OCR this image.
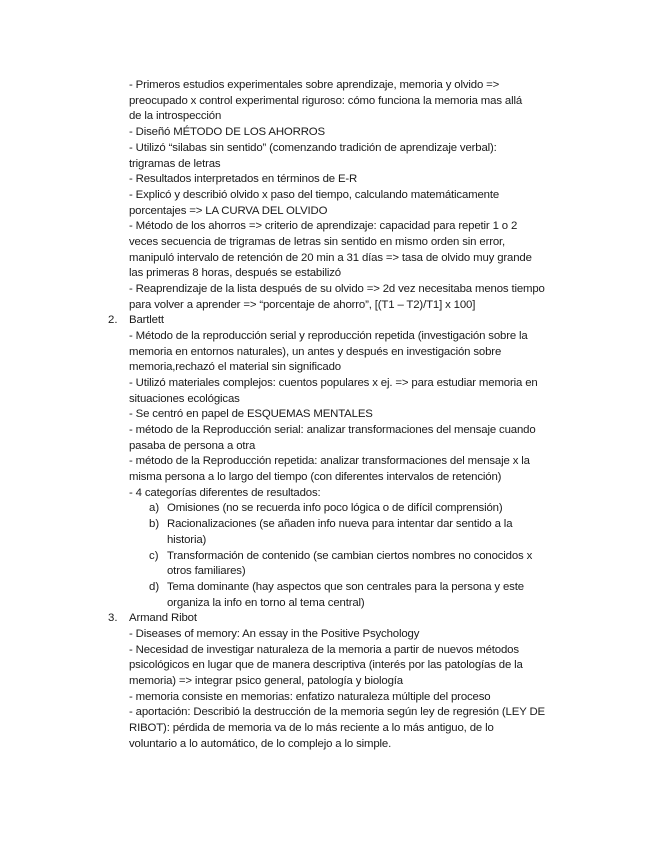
- Primeros estudios experimentales sobre aprendizaje, memoria y olvido =>
preocupado x control experimental riguroso: cómo funciona la memoria mas allá
de la introspección
- Diseñó MÉTODO DE LOS AHORROS
- Utilizó “silabas sin sentido” (comenzando tradición de aprendizaje verbal):
trigramas de letras
- Resultados interpretados en términos de E-R
- Explicó y describió olvido x paso del tiempo, calculando matemáticamente
porcentajes => LA CURVA DEL OLVIDO
- Método de los ahorros => criterio de aprendizaje: capacidad para repetir 1 o 2
veces secuencia de trigramas de letras sin sentido en mismo orden sin error,
manipuló intervalo de retención de 20 min a 31 días => tasa de olvido muy grande
las primeras 8 horas, después se estabilizó
- Reaprendizaje de la lista después de su olvido => 2d vez necesitaba menos tiempo
para volver a aprender => “porcentaje de ahorro”, [(T1 – T2)/T1] x 100]
2. Bartlett
- Método de la reproducción serial y reproducción repetida (investigación sobre la
memoria en entornos naturales), un antes y después en investigación sobre
memoria,rechazó el material sin significado
- Utilizó materiales complejos: cuentos populares x ej. => para estudiar memoria en
situaciones ecológicas
- Se centró en papel de ESQUEMAS MENTALES
- método de la Reproducción serial: analizar transformaciones del mensaje cuando
pasaba de persona a otra
- método de la Reproducción repetida: analizar transformaciones del mensaje x la
misma persona a lo largo del tiempo (con diferentes intervalos de retención)
- 4 categorías diferentes de resultados:
a) Omisiones (no se recuerda info poco lógica o de difícil comprensión)
b) Racionalizaciones (se añaden info nueva para intentar dar sentido a la
historia)
c) Transformación de contenido (se cambian ciertos nombres no conocidos x
otros familiares)
d) Tema dominante (hay aspectos que son centrales para la persona y este
organiza la info en torno al tema central)
3. Armand Ribot
- Diseases of memory: An essay in the Positive Psychology
- Necesidad de investigar naturaleza de la memoria a partir de nuevos métodos
psicológicos en lugar que de manera descriptiva (interés por las patologías de la
memoria) => integrar psico general, patología y biología
- memoria consiste en memorias: enfatizo naturaleza múltiple del proceso
- aportación: Describió la destrucción de la memoria según ley de regresión (LEY DE
RIBOT): pérdida de memoria va de lo más reciente a lo más antiguo, de lo
voluntario a lo automático, de lo complejo a lo simple.
